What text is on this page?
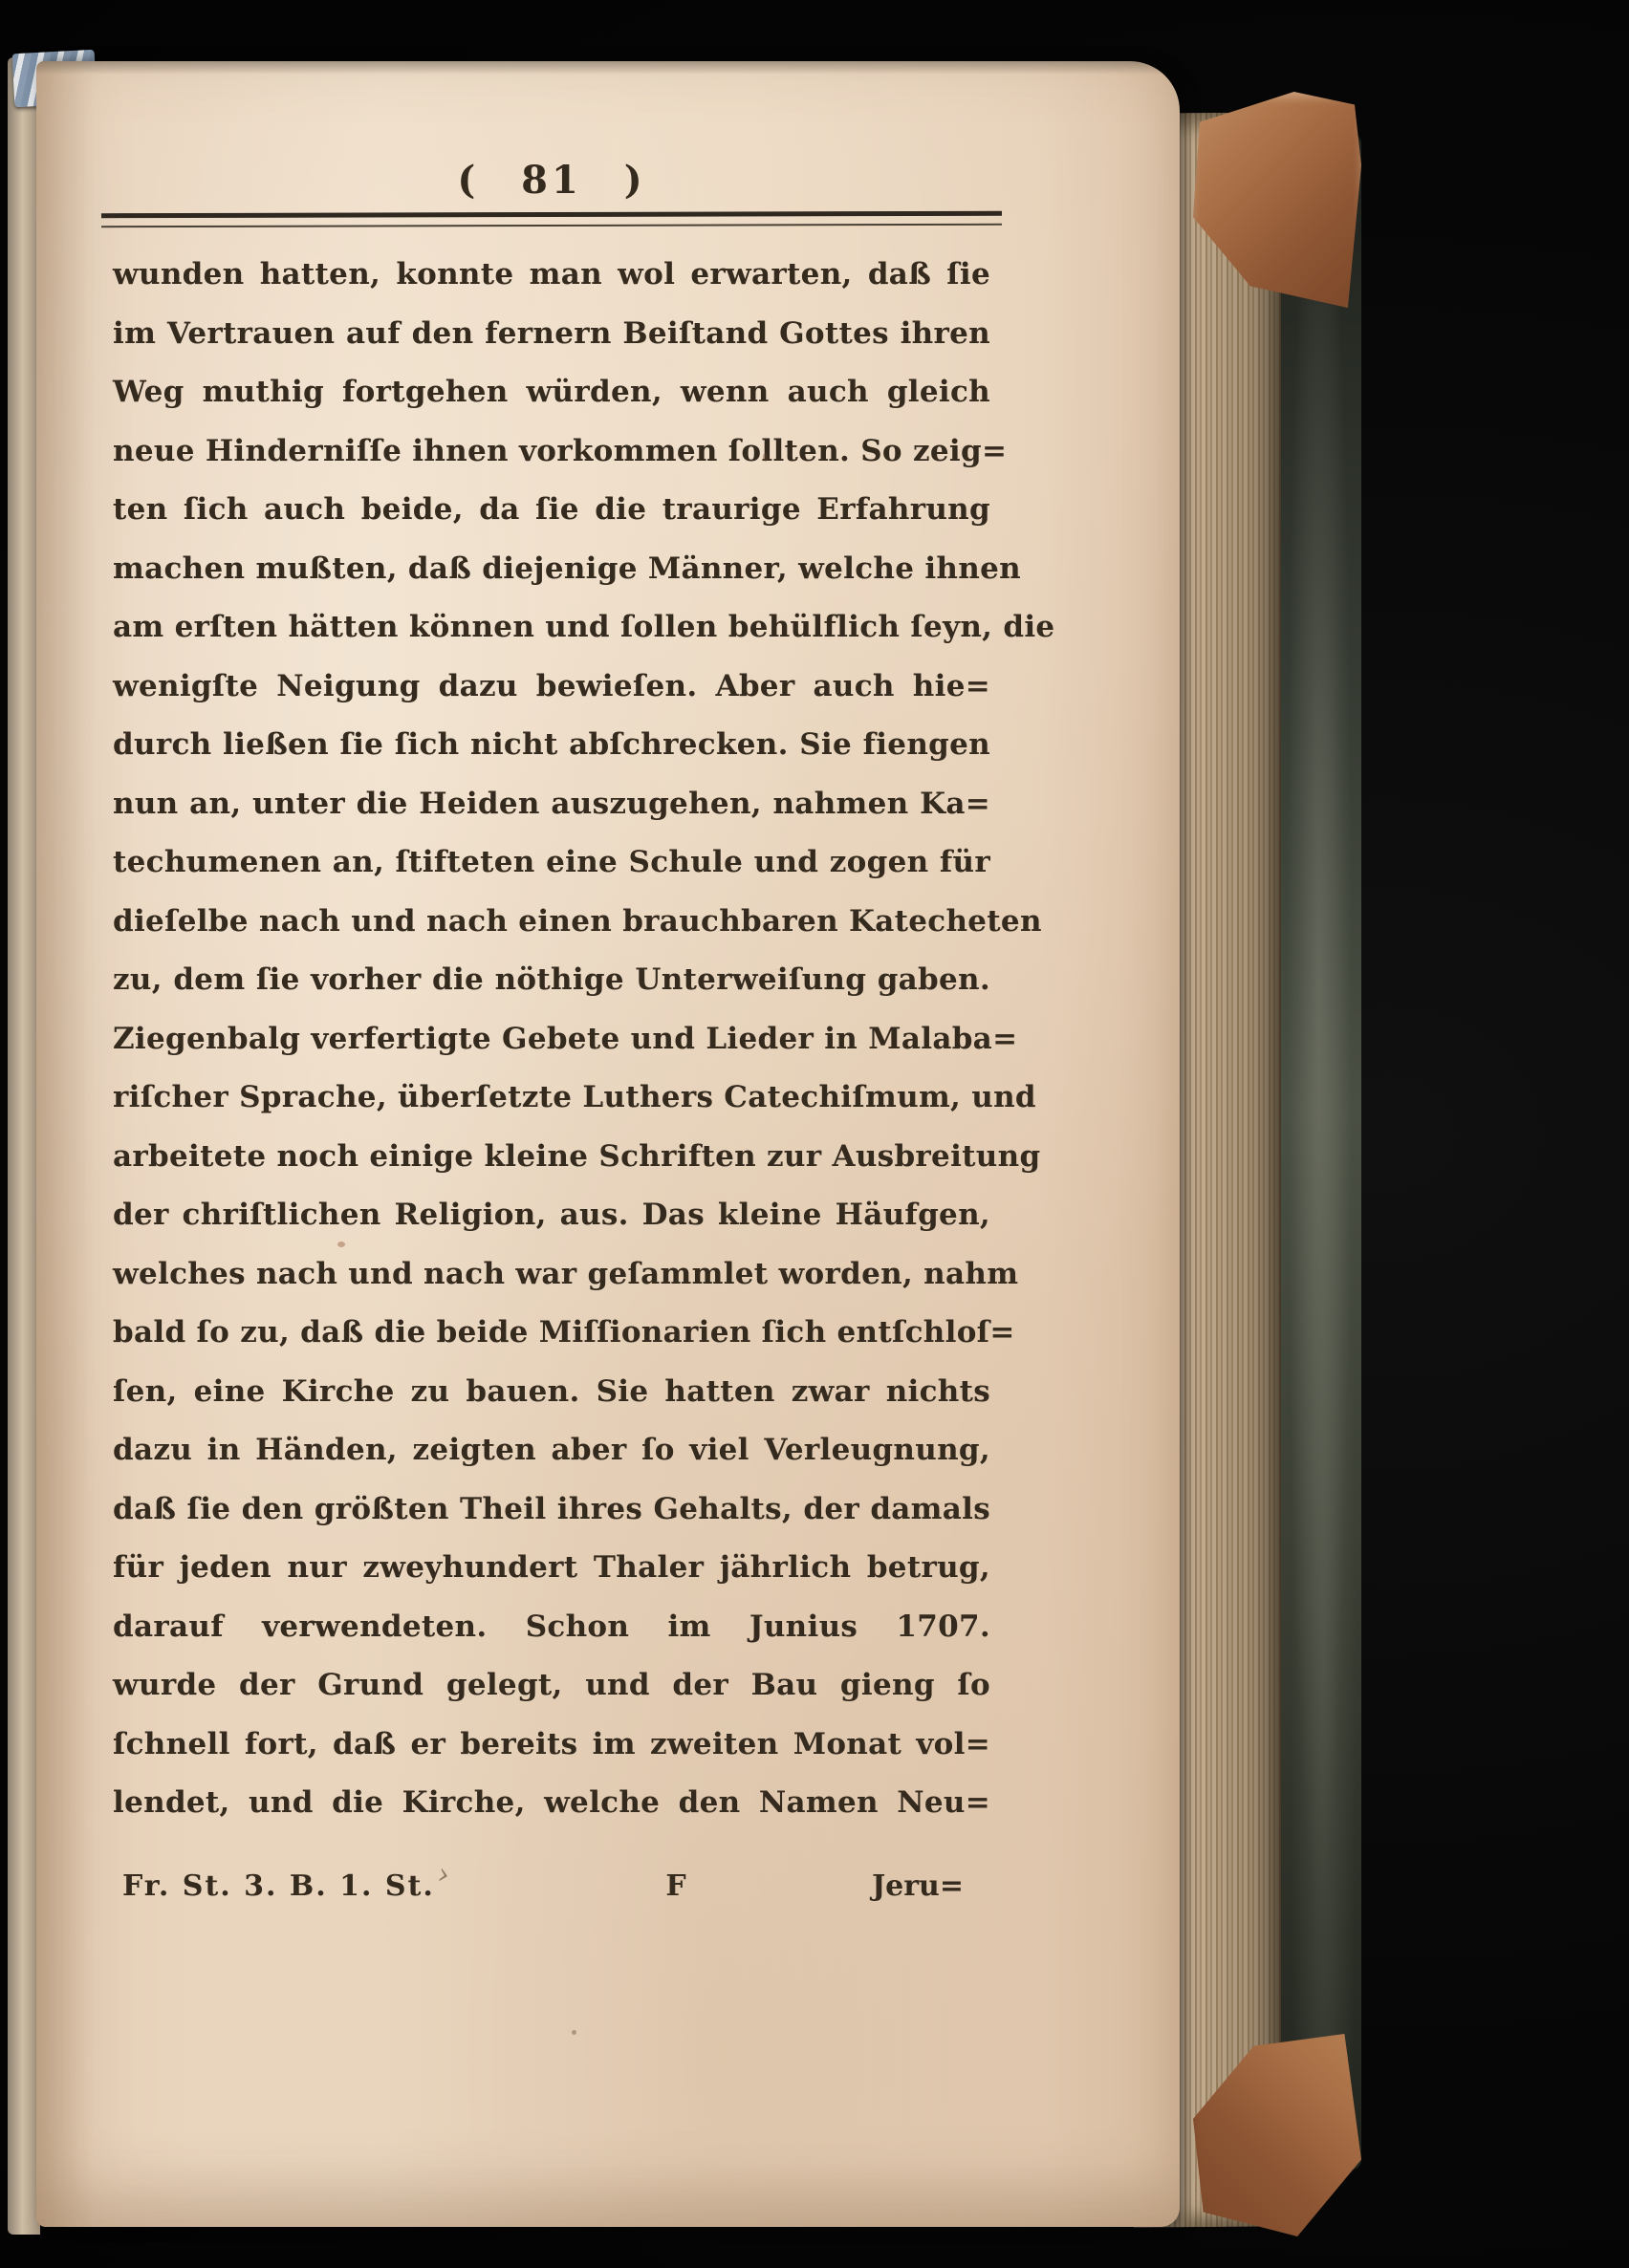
( 81 )
wunden hatten, konnte man wol erwarten, daß ſie
im Vertrauen auf den fernern Beiſtand Gottes ihren
Weg muthig fortgehen würden, wenn auch gleich
neue Hinderniſſe ihnen vorkommen ſollten. So zeig=
ten ſich auch beide, da ſie die traurige Erfahrung
machen mußten, daß diejenige Männer, welche ihnen
am erſten hätten können und ſollen behülflich ſeyn, die
wenigſte Neigung dazu bewieſen. Aber auch hie=
durch ließen ſie ſich nicht abſchrecken. Sie fiengen
nun an, unter die Heiden auszugehen, nahmen Ka=
techumenen an, ſtifteten eine Schule und zogen für
dieſelbe nach und nach einen brauchbaren Katecheten
zu, dem ſie vorher die nöthige Unterweiſung gaben.
Ziegenbalg verfertigte Gebete und Lieder in Malaba=
riſcher Sprache, überſetzte Luthers Catechiſmum, und
arbeitete noch einige kleine Schriften zur Ausbreitung
der chriſtlichen Religion, aus. Das kleine Häufgen,
welches nach und nach war geſammlet worden, nahm
bald ſo zu, daß die beide Miſſionarien ſich entſchloſ=
ſen, eine Kirche zu bauen. Sie hatten zwar nichts
dazu in Händen, zeigten aber ſo viel Verleugnung,
daß ſie den größten Theil ihres Gehalts, der damals
für jeden nur zweyhundert Thaler jährlich betrug,
darauf verwendeten. Schon im Junius 1707.
wurde der Grund gelegt, und der Bau gieng ſo
ſchnell fort, daß er bereits im zweiten Monat vol=
lendet, und die Kirche, welche den Namen Neu=
Fr. St. 3. B. 1. St.	F	Jeru=
›
